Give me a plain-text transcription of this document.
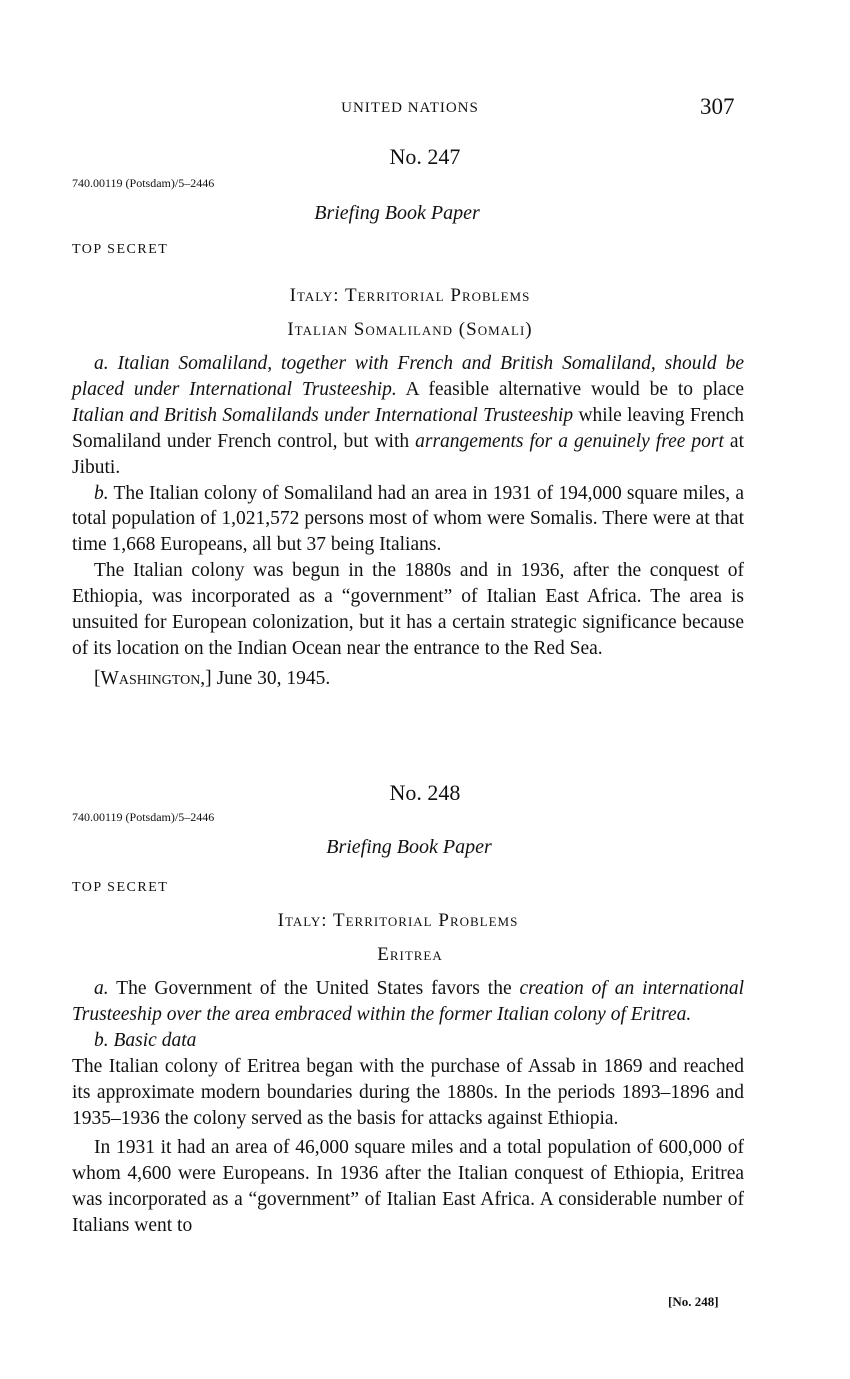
UNITED NATIONS	307
No. 247
740.00119 (Potsdam)/5–2446
Briefing Book Paper
TOP SECRET
Italy: Territorial Problems
Italian Somaliland (Somali)

a. Italian Somaliland, together with French and British Somaliland, should be placed under International Trusteeship. A feasible alternative would be to place Italian and British Somalilands under International Trusteeship while leaving French Somaliland under French control, but with arrangements for a genuinely free port at Jibuti.

b. The Italian colony of Somaliland had an area in 1931 of 194,000 square miles, a total population of 1,021,572 persons most of whom were Somalis. There were at that time 1,668 Europeans, all but 37 being Italians.

The Italian colony was begun in the 1880s and in 1936, after the conquest of Ethiopia, was incorporated as a “government” of Italian East Africa. The area is unsuited for European colonization, but it has a certain strategic significance because of its location on the Indian Ocean near the entrance to the Red Sea.

[Washington,] June 30, 1945.

No. 248
740.00119 (Potsdam)/5–2446
Briefing Book Paper
TOP SECRET
Italy: Territorial Problems
Eritrea

a. The Government of the United States favors the creation of an international Trusteeship over the area embraced within the former Italian colony of Eritrea.

b. Basic data

The Italian colony of Eritrea began with the purchase of Assab in 1869 and reached its approximate modern boundaries during the 1880s. In the periods 1893–1896 and 1935–1936 the colony served as the basis for attacks against Ethiopia.

In 1931 it had an area of 46,000 square miles and a total population of 600,000 of whom 4,600 were Europeans. In 1936 after the Italian conquest of Ethiopia, Eritrea was incorporated as a “government” of Italian East Africa. A considerable number of Italians went to

[No. 248]
